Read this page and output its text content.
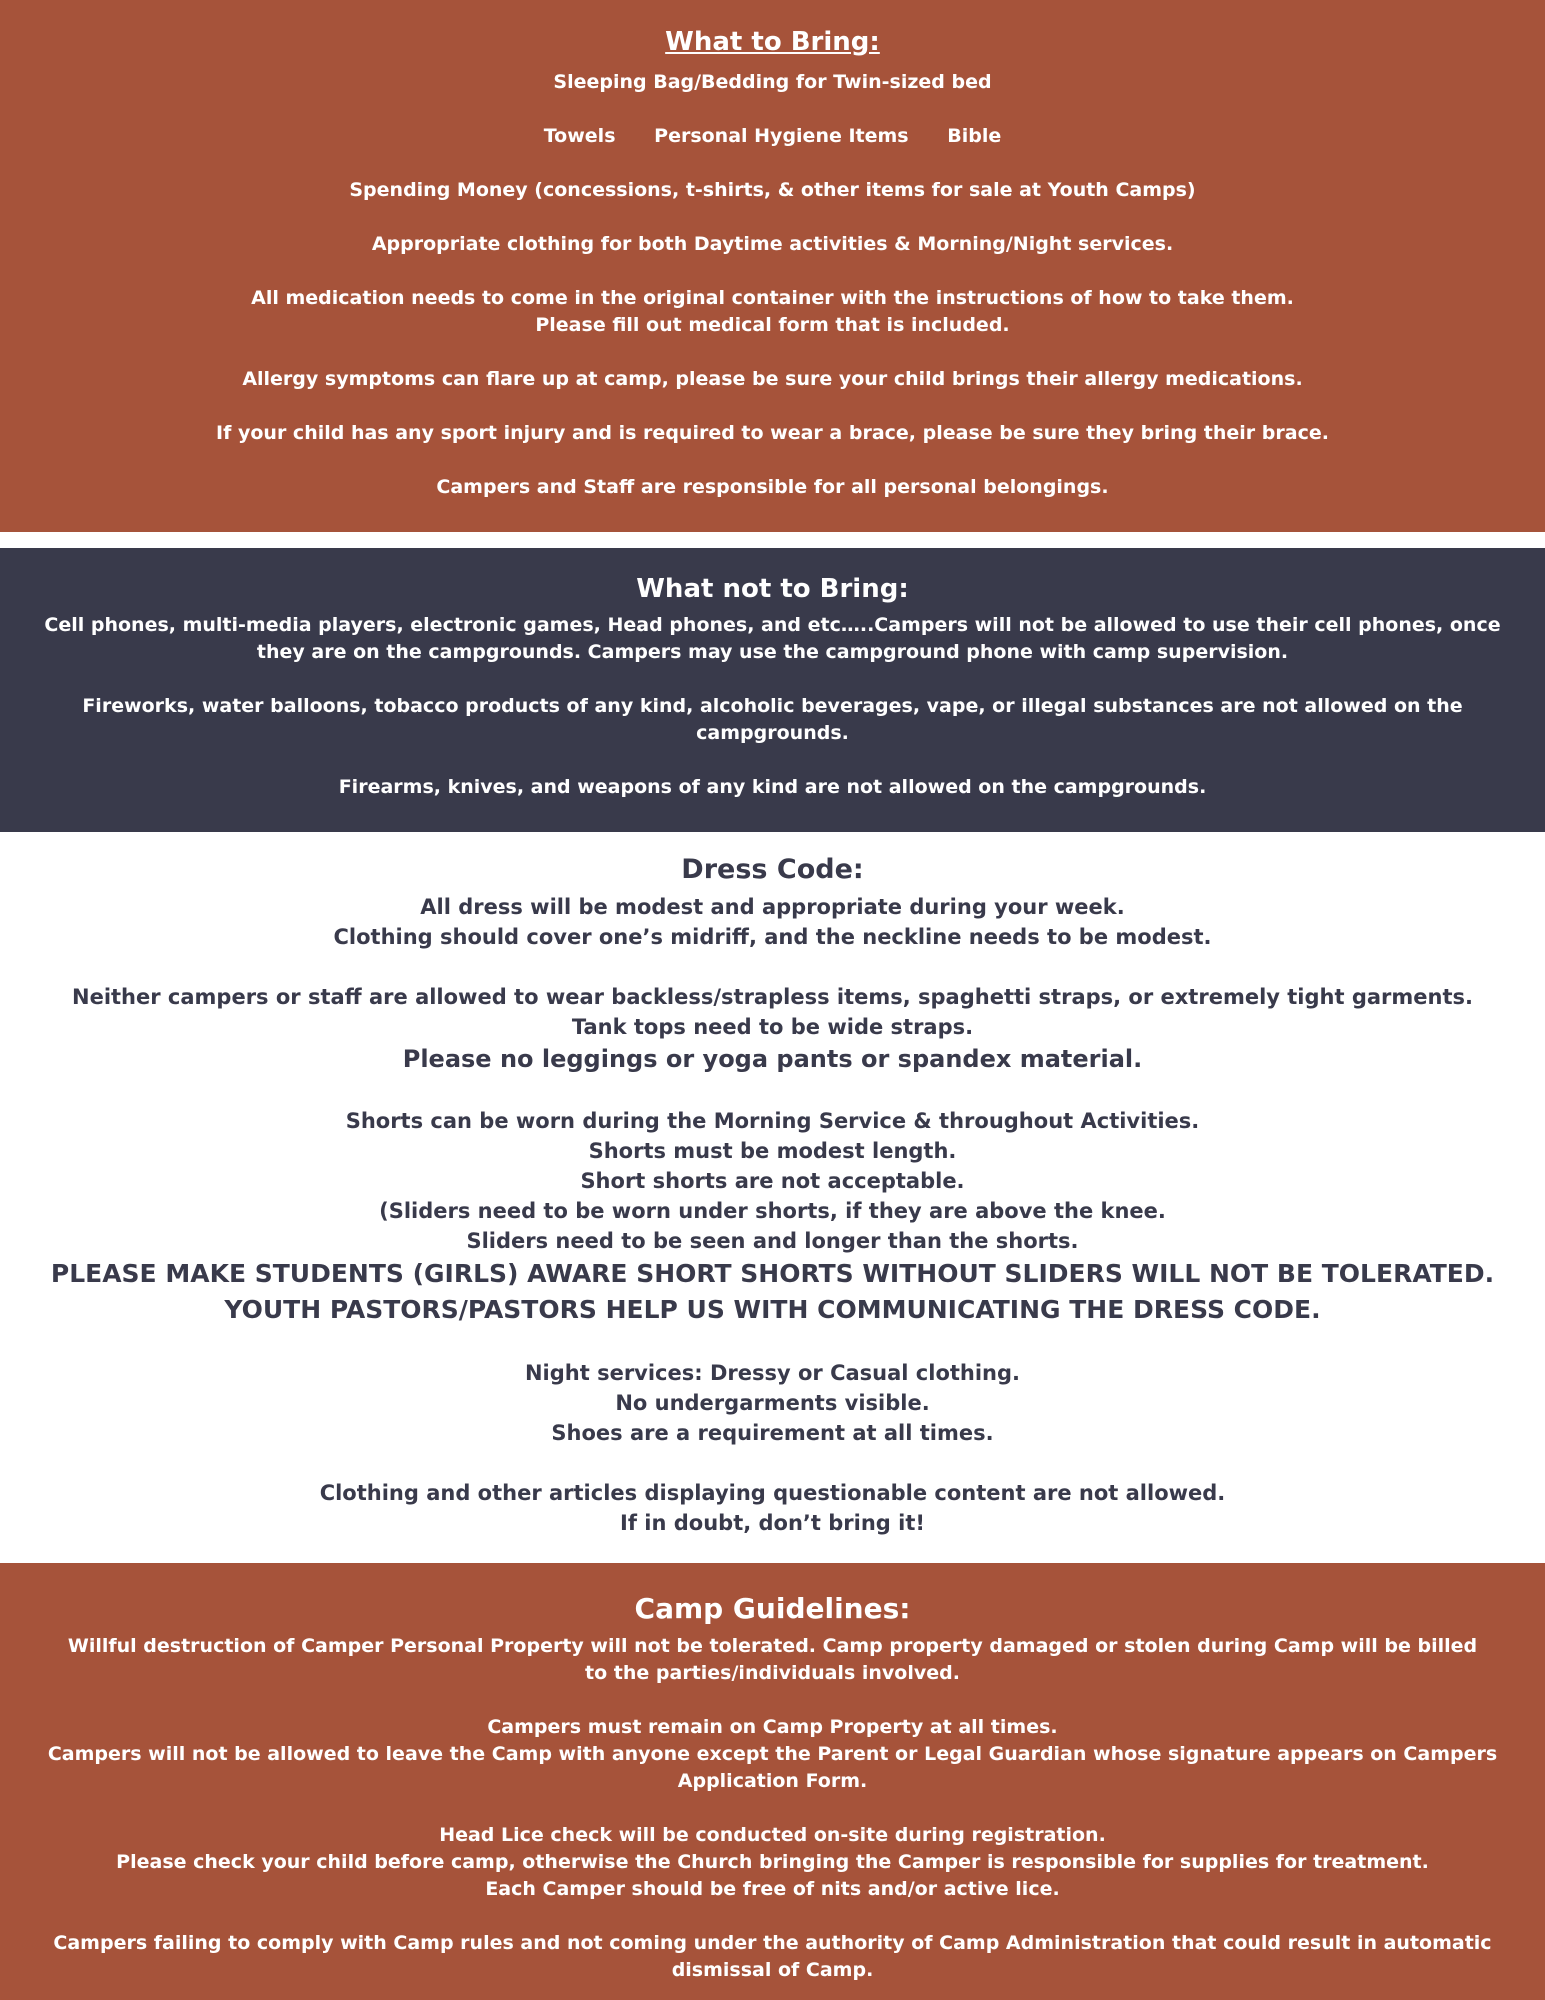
What to Bring:

Sleeping Bag/Bedding for Twin-sized bed

Towels Personal Hygiene Items Bible

Spending Money (concessions, t-shirts, & other items for sale at Youth Camps)

Appropriate clothing for both Daytime activities & Morning/Night services.

All medication needs to come in the original container with the instructions of how to take them.

Please fill out medical form that is included.

Allergy symptoms can flare up at camp, please be sure your child brings their allergy medications.

If your child has any sport injury and is required to wear a brace, please be sure they bring their brace.

Campers and Staff are responsible for all personal belongings.

What not to Bring:

Cell phones, multi-media players, electronic games, Head phones, and etc…..Campers will not be allowed to use their cell phones, once they are on the campgrounds. Campers may use the campground phone with camp supervision.

Fireworks, water balloons, tobacco products of any kind, alcoholic beverages, vape, or illegal substances are not allowed on the campgrounds.

Firearms, knives, and weapons of any kind are not allowed on the campgrounds.

Dress Code:

All dress will be modest and appropriate during your week.

Clothing should cover one’s midriff, and the neckline needs to be modest.

Neither campers or staff are allowed to wear backless/strapless items, spaghetti straps, or extremely tight garments.

Tank tops need to be wide straps.

Please no leggings or yoga pants or spandex material.

Shorts can be worn during the Morning Service & throughout Activities.

Shorts must be modest length.

Short shorts are not acceptable.

(Sliders need to be worn under shorts, if they are above the knee.

Sliders need to be seen and longer than the shorts.

PLEASE MAKE STUDENTS (GIRLS) AWARE SHORT SHORTS WITHOUT SLIDERS WILL NOT BE TOLERATED.

YOUTH PASTORS/PASTORS HELP US WITH COMMUNICATING THE DRESS CODE.

Night services: Dressy or Casual clothing.

No undergarments visible.

Shoes are a requirement at all times.

Clothing and other articles displaying questionable content are not allowed.

If in doubt, don’t bring it!

Camp Guidelines:

Willful destruction of Camper Personal Property will not be tolerated. Camp property damaged or stolen during Camp will be billed

to the parties/individuals involved.

Campers must remain on Camp Property at all times.

Campers will not be allowed to leave the Camp with anyone except the Parent or Legal Guardian whose signature appears on Campers Application Form.

Head Lice check will be conducted on-site during registration.

Please check your child before camp, otherwise the Church bringing the Camper is responsible for supplies for treatment.

Each Camper should be free of nits and/or active lice.

Campers failing to comply with Camp rules and not coming under the authority of Camp Administration that could result in automatic dismissal of Camp.
